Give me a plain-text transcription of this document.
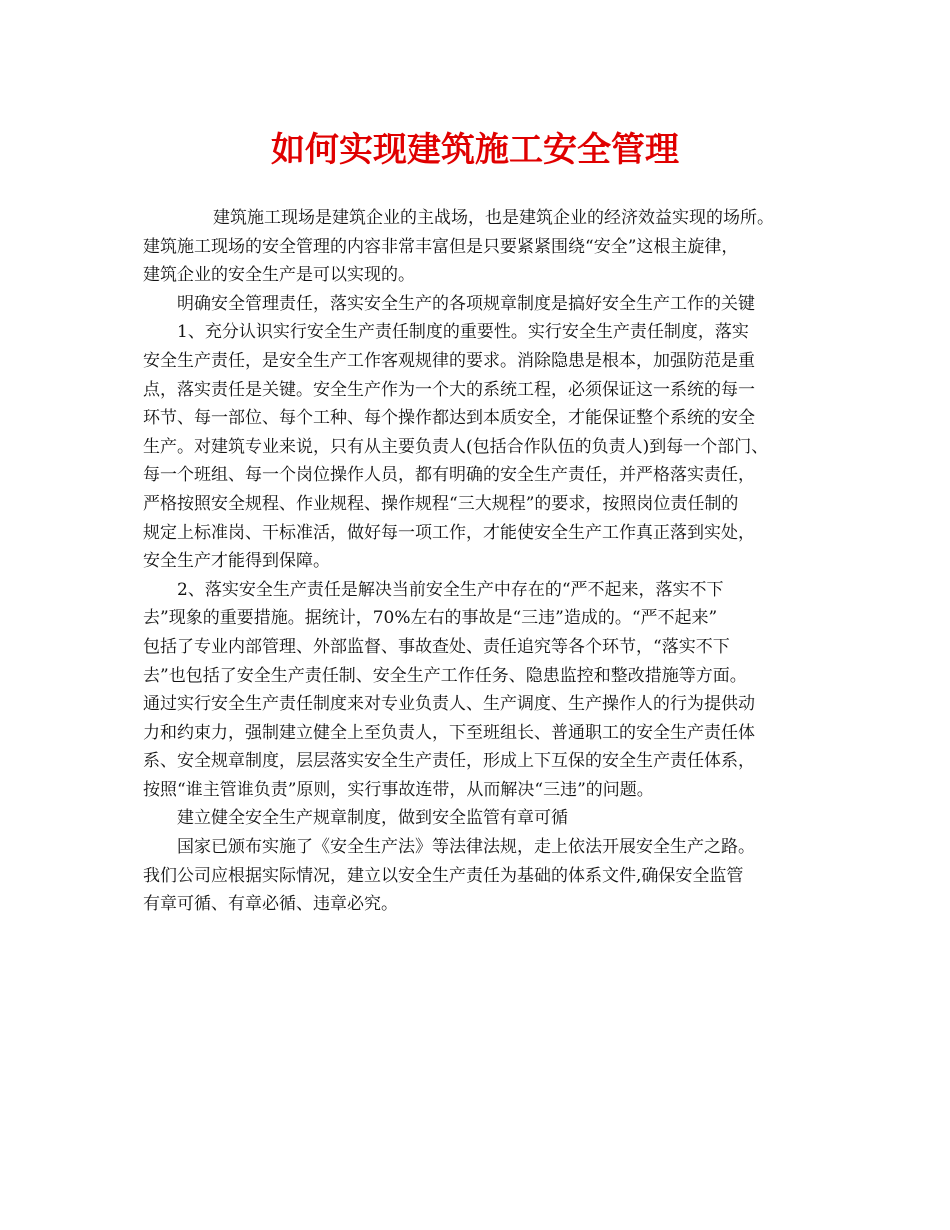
如何实现建筑施工安全管理
建筑施工现场是建筑企业的主战场，也是建筑企业的经济效益实现的场所。
建筑施工现场的安全管理的内容非常丰富但是只要紧紧围绕“安全”这根主旋律，
建筑企业的安全生产是可以实现的。
明确安全管理责任，落实安全生产的各项规章制度是搞好安全生产工作的关键
1、充分认识实行安全生产责任制度的重要性。实行安全生产责任制度，落实
安全生产责任，是安全生产工作客观规律的要求。消除隐患是根本，加强防范是重
点，落实责任是关键。安全生产作为一个大的系统工程，必须保证这一系统的每一
环节、每一部位、每个工种、每个操作都达到本质安全，才能保证整个系统的安全
生产。对建筑专业来说，只有从主要负责人(包括合作队伍的负责人)到每一个部门、
每一个班组、每一个岗位操作人员，都有明确的安全生产责任，并严格落实责任，
严格按照安全规程、作业规程、操作规程“三大规程”的要求，按照岗位责任制的
规定上标准岗、干标准活，做好每一项工作，才能使安全生产工作真正落到实处，
安全生产才能得到保障。
2、落实安全生产责任是解决当前安全生产中存在的“严不起来，落实不下
去”现象的重要措施。据统计，70%左右的事故是“三违”造成的。“严不起来”
包括了专业内部管理、外部监督、事故查处、责任追究等各个环节，“落实不下
去”也包括了安全生产责任制、安全生产工作任务、隐患监控和整改措施等方面。
通过实行安全生产责任制度来对专业负责人、生产调度、生产操作人的行为提供动
力和约束力，强制建立健全上至负责人，下至班组长、普通职工的安全生产责任体
系、安全规章制度，层层落实安全生产责任，形成上下互保的安全生产责任体系，
按照“谁主管谁负责”原则，实行事故连带，从而解决“三违”的问题。
建立健全安全生产规章制度，做到安全监管有章可循
国家已颁布实施了《安全生产法》等法律法规，走上依法开展安全生产之路。
我们公司应根据实际情况，建立以安全生产责任为基础的体系文件,确保安全监管
有章可循、有章必循、违章必究。
